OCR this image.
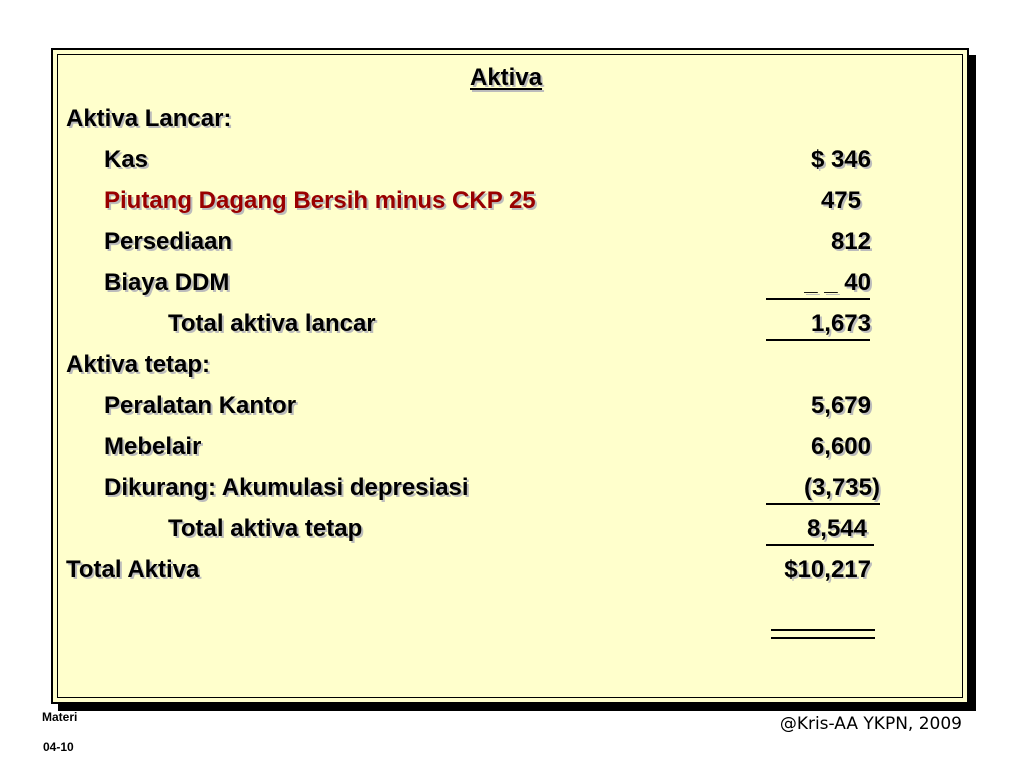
Aktiva
Aktiva Lancar:
Kas	$ 346
Piutang Dagang Bersih minus CKP 25	475
Persediaan	812
Biaya DDM	_ _ 40
Total aktiva lancar	1,673
Aktiva tetap:
Peralatan Kantor	5,679
Mebelair	6,600
Dikurang: Akumulasi depresiasi	(3,735)
Total aktiva tetap	8,544
Total Aktiva	$10,217
Materi
04-10
@Kris-AA YKPN, 2009
